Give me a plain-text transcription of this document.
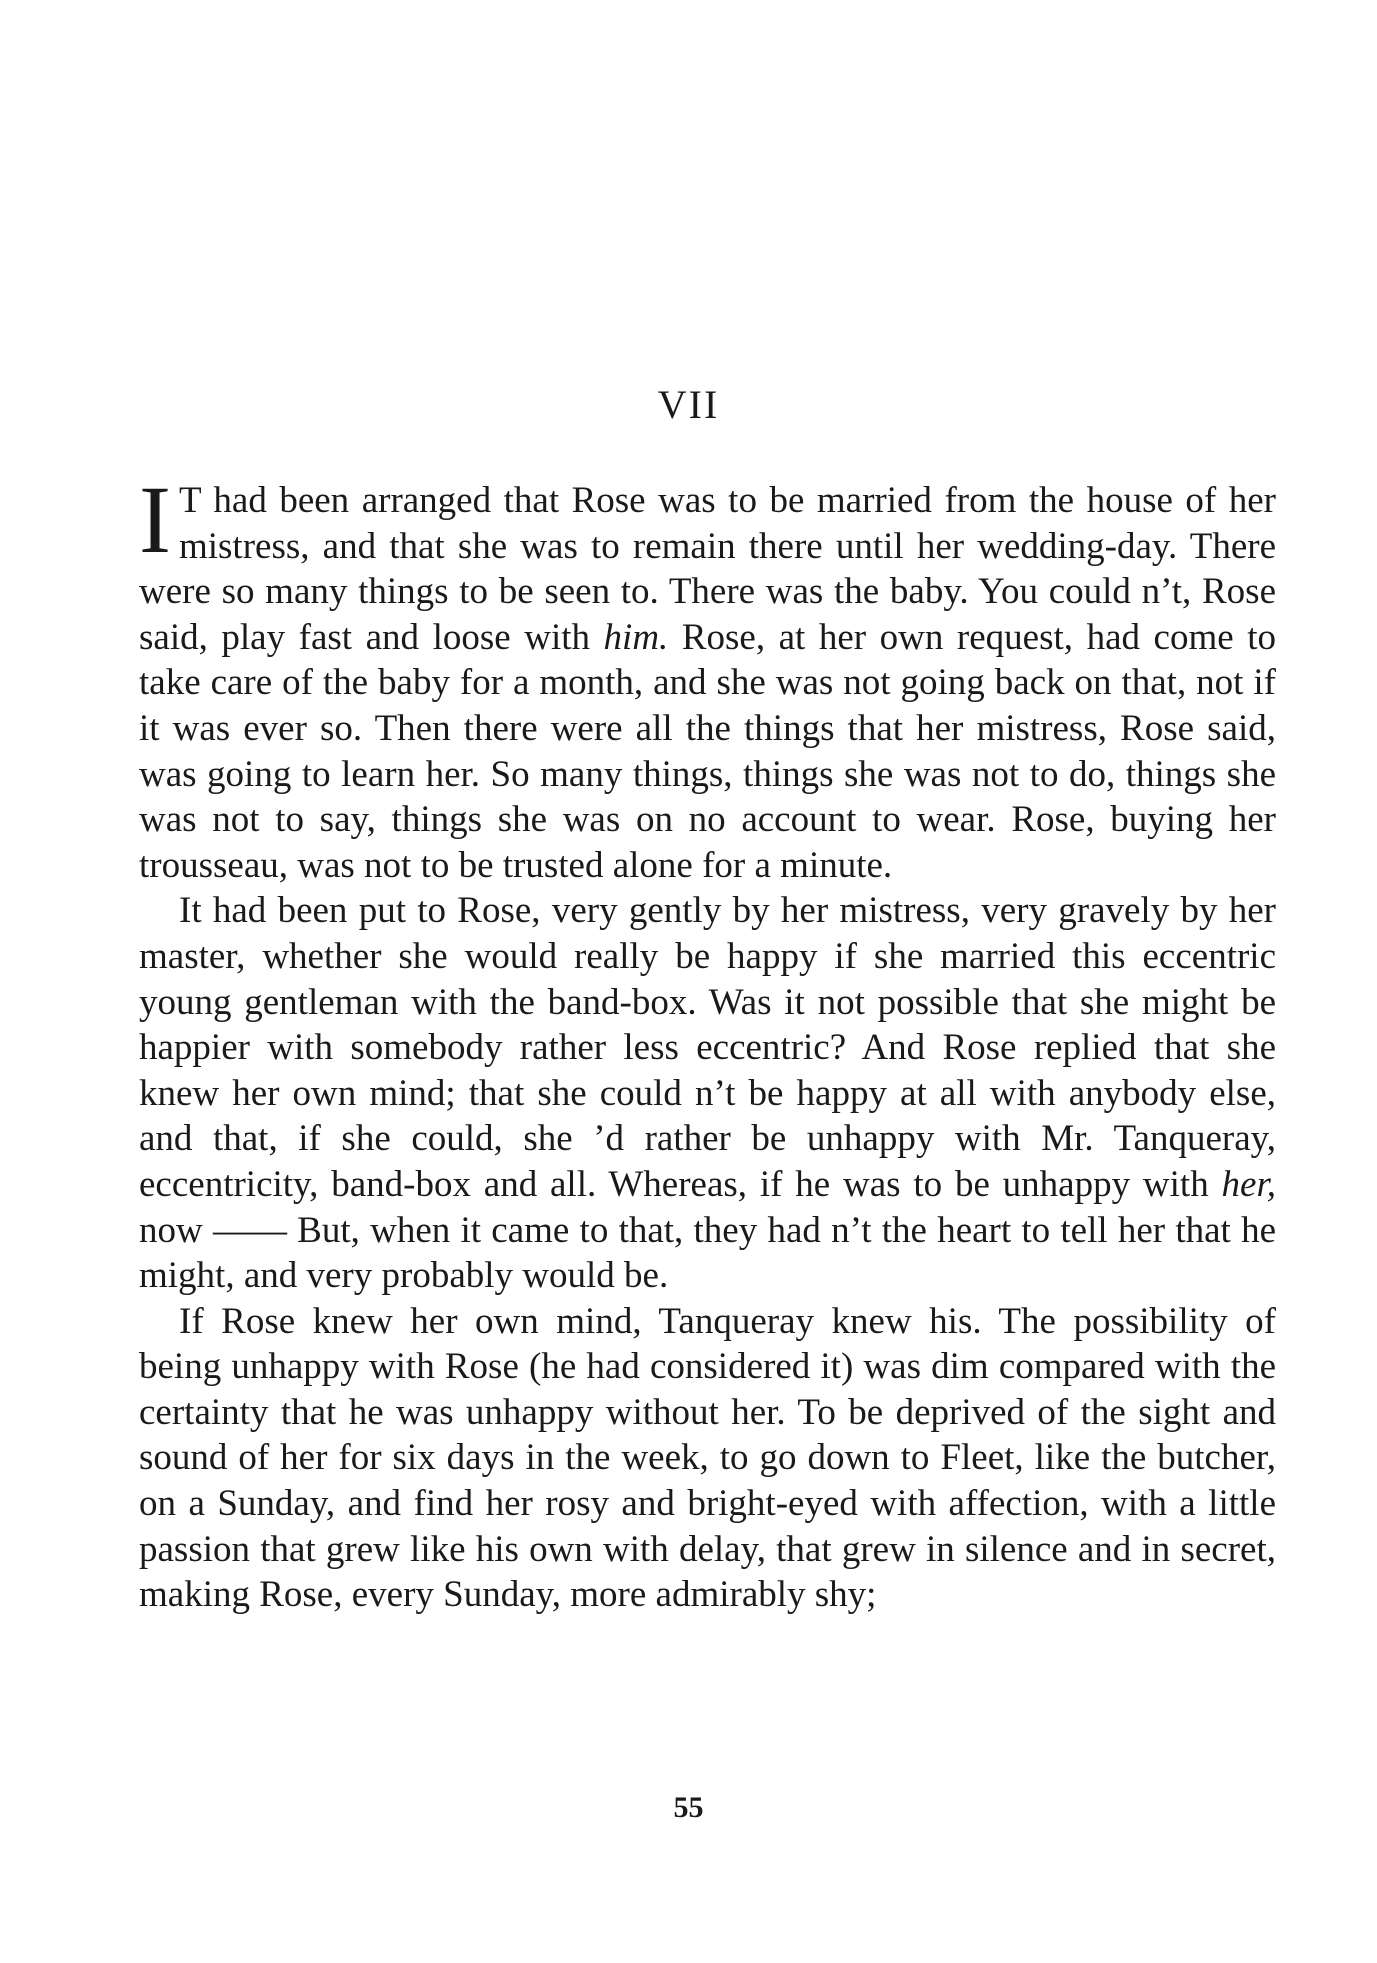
VII

I T had been arranged that Rose was to be married from the house of her mistress, and that she was to remain there until her wedding-day. There were so many things to be seen to. There was the baby. You could n’t, Rose said, play fast and loose with him. Rose, at her own request, had come to take care of the baby for a month, and she was not going back on that, not if it was ever so. Then there were all the things that her mistress, Rose said, was going to learn her. So many things, things she was not to do, things she was not to say, things she was on no account to wear. Rose, buying her trousseau, was not to be trusted alone for a minute.

It had been put to Rose, very gently by her mistress, very gravely by her master, whether she would really be happy if she married this eccentric young gentleman with the band-box. Was it not possible that she might be happier with somebody rather less eccentric? And Rose replied that she knew her own mind; that she could n’t be happy at all with anybody else, and that, if she could, she ’d rather be unhappy with Mr. Tanqueray, eccentricity, band-box and all. Whereas, if he was to be unhappy with her, now —— But, when it came to that, they had n’t the heart to tell her that he might, and very probably would be.

If Rose knew her own mind, Tanqueray knew his. The possibility of being unhappy with Rose (he had considered it) was dim compared with the certainty that he was unhappy without her. To be deprived of the sight and sound of her for six days in the week, to go down to Fleet, like the butcher, on a Sunday, and find her rosy and bright-eyed with affection, with a little passion that grew like his own with delay, that grew in silence and in secret, making Rose, every Sunday, more admirably shy;

55
